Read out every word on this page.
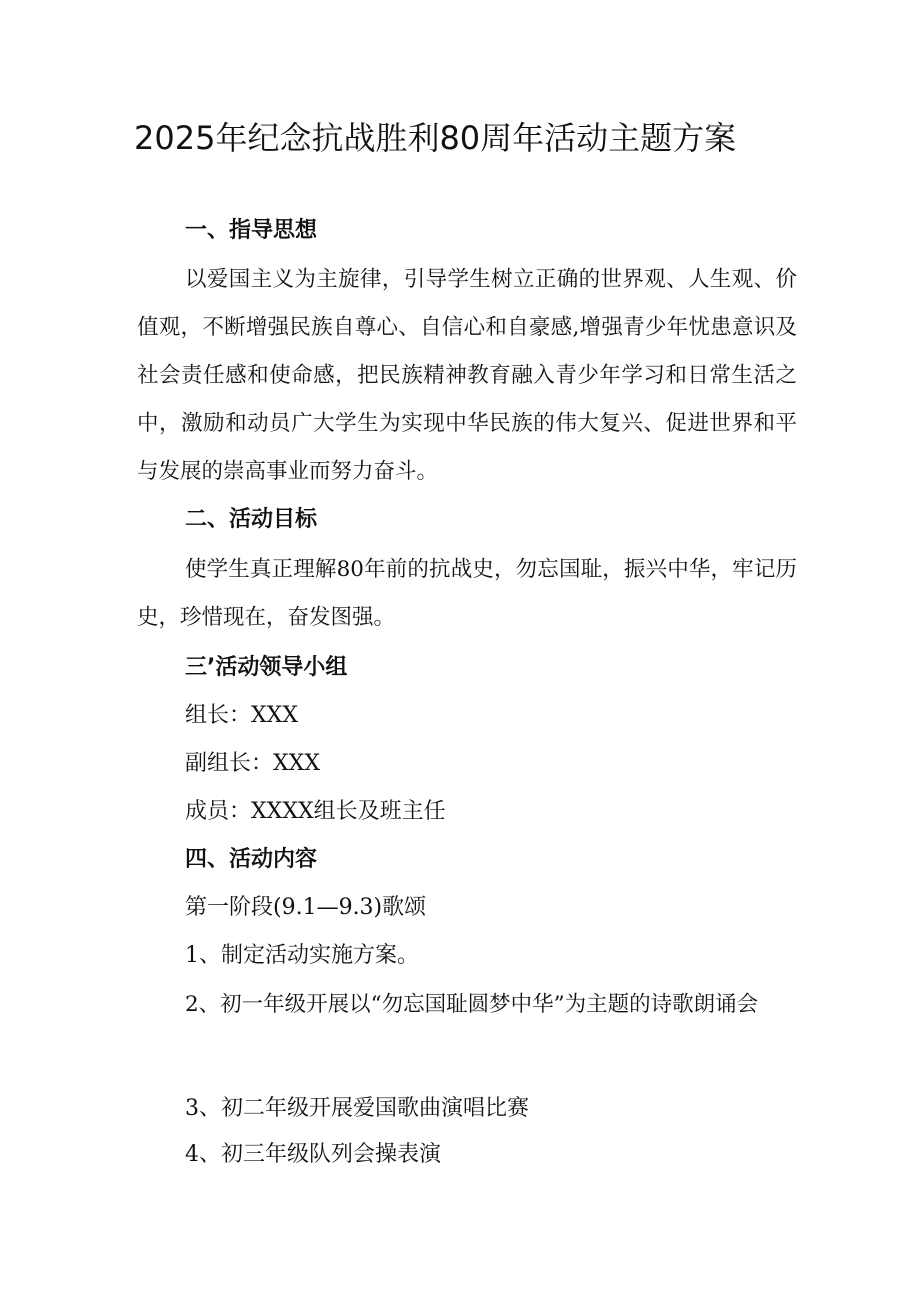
2025年纪念抗战胜利80周年活动主题方案

一、指导思想

以爱国主义为主旋律，引导学生树立正确的世界观、人生观、价值观，不断增强民族自尊心、自信心和自豪感,增强青少年忧患意识及社会责任感和使命感，把民族精神教育融入青少年学习和日常生活之中，激励和动员广大学生为实现中华民族的伟大复兴、促进世界和平与发展的崇高事业而努力奋斗。

二、活动目标

使学生真正理解80年前的抗战史，勿忘国耻，振兴中华，牢记历史，珍惜现在，奋发图强。

三’活动领导小组

组长：XXX

副组长：XXX

成员：XXXX组长及班主任

四、活动内容

第一阶段(9.1—9.3)歌颂

1、制定活动实施方案。

2、初一年级开展以“勿忘国耻圆梦中华”为主题的诗歌朗诵会

3、初二年级开展爱国歌曲演唱比赛

4、初三年级队列会操表演
